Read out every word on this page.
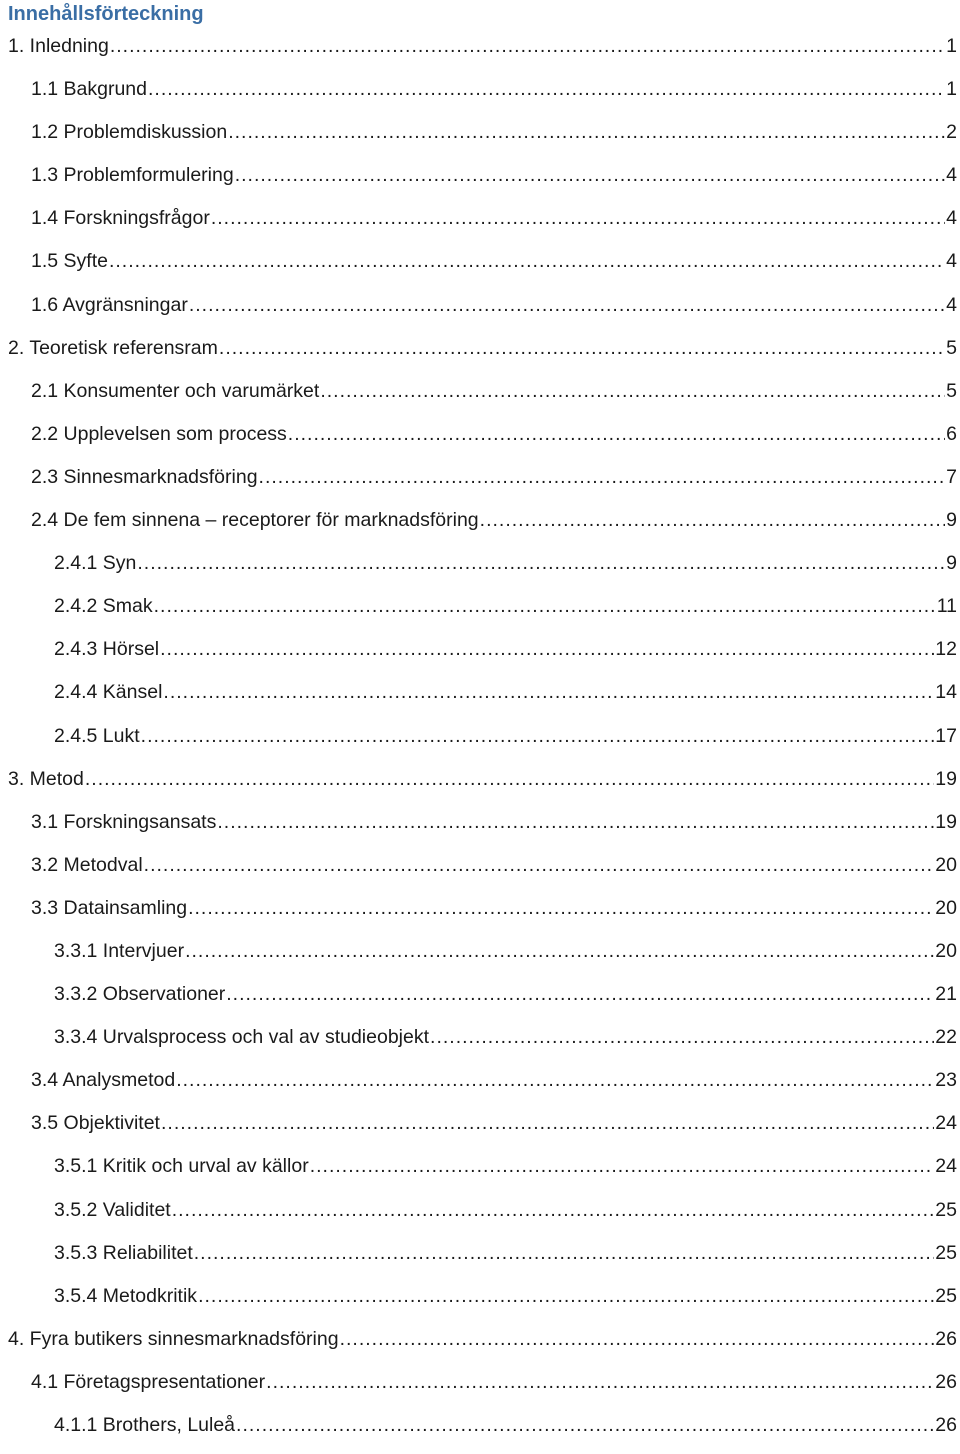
Innehållsförteckning
1. Inledning .....	1
1.1 Bakgrund .....	1
1.2 Problemdiskussion .....	2
1.3 Problemformulering .....	4
1.4 Forskningsfrågor .....	4
1.5 Syfte .....	4
1.6 Avgränsningar .....	4
2. Teoretisk referensram .....	5
2.1 Konsumenter och varumärket .....	5
2.2 Upplevelsen som process .....	6
2.3 Sinnesmarknadsföring .....	7
2.4 De fem sinnena – receptorer för marknadsföring .....	9
2.4.1 Syn .....	9
2.4.2 Smak .....	11
2.4.3 Hörsel .....	12
2.4.4 Känsel .....	14
2.4.5 Lukt .....	17
3. Metod .....	19
3.1 Forskningsansats .....	19
3.2 Metodval .....	20
3.3 Datainsamling .....	20
3.3.1 Intervjuer .....	20
3.3.2 Observationer .....	21
3.3.4 Urvalsprocess och val av studieobjekt .....	22
3.4 Analysmetod .....	23
3.5 Objektivitet .....	24
3.5.1 Kritik och urval av källor .....	24
3.5.2 Validitet .....	25
3.5.3 Reliabilitet .....	25
3.5.4 Metodkritik .....	25
4. Fyra butikers sinnesmarknadsföring .....	26
4.1 Företagspresentationer .....	26
4.1.1 Brothers, Luleå .....	26
